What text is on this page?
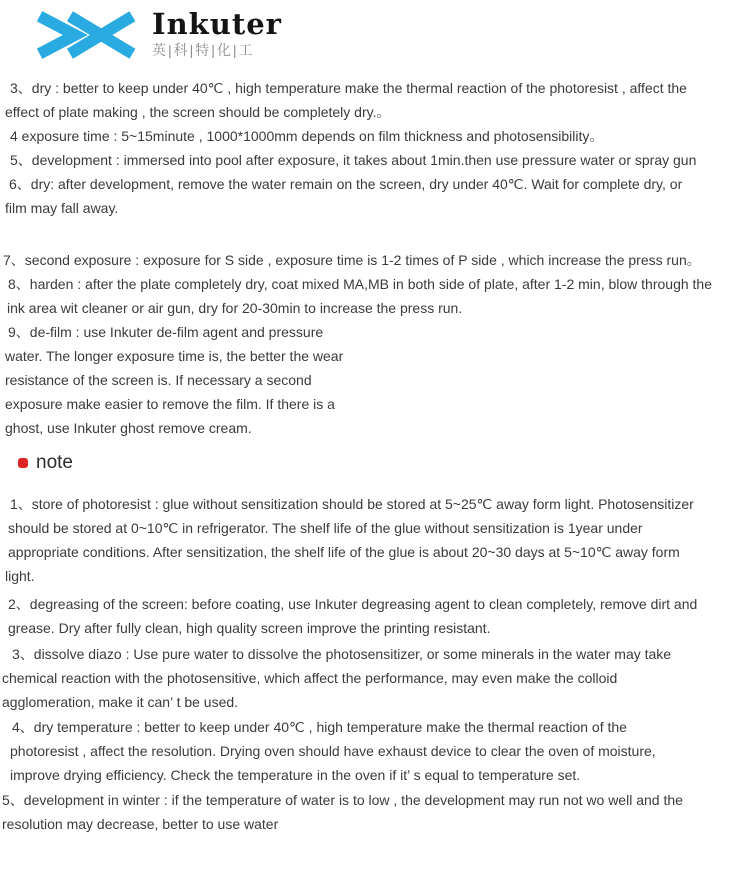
Inkuter
英|科|特|化|工
3、dry : better to keep under 40℃ , high temperature make the thermal reaction of the photoresist , affect the
effect of plate making , the screen should be completely dry.。
4 exposure time : 5~15minute , 1000*1000mm depends on film thickness and photosensibility。
5、development : immersed into pool after exposure, it takes about 1min.then use pressure water or spray gun
6、dry: after development, remove the water remain on the screen, dry under 40℃. Wait for complete dry, or
film may fall away.
7、second exposure : exposure for S side , exposure time is 1-2 times of P side , which increase the press run。
8、harden : after the plate completely dry, coat mixed MA,MB in both side of plate, after 1-2 min, blow through the
ink area wit cleaner or air gun, dry for 20-30min to increase the press run.
9、de-film : use Inkuter de-film agent and pressure
water. The longer exposure time is, the better the wear
resistance of the screen is. If necessary a second
exposure make easier to remove the film. If there is a
ghost, use Inkuter ghost remove cream.
note
1、store of photoresist : glue without sensitization should be stored at 5~25℃ away form light. Photosensitizer
should be stored at 0~10℃ in refrigerator. The shelf life of the glue without sensitization is 1year under
appropriate conditions. After sensitization, the shelf life of the glue is about 20~30 days at 5~10℃ away form
light.
2、degreasing of the screen: before coating, use Inkuter degreasing agent to clean completely, remove dirt and
grease. Dry after fully clean, high quality screen improve the printing resistant.
3、dissolve diazo : Use pure water to dissolve the photosensitizer, or some minerals in the water may take
chemical reaction with the photosensitive, which affect the performance, may even make the colloid
agglomeration, make it can’ t be used.
4、dry temperature : better to keep under 40℃ , high temperature make the thermal reaction of the
photoresist , affect the resolution. Drying oven should have exhaust device to clear the oven of moisture,
improve drying efficiency. Check the temperature in the oven if it’ s equal to temperature set.
5、development in winter : if the temperature of water is to low , the development may run not wo well and the
resolution may decrease, better to use water
